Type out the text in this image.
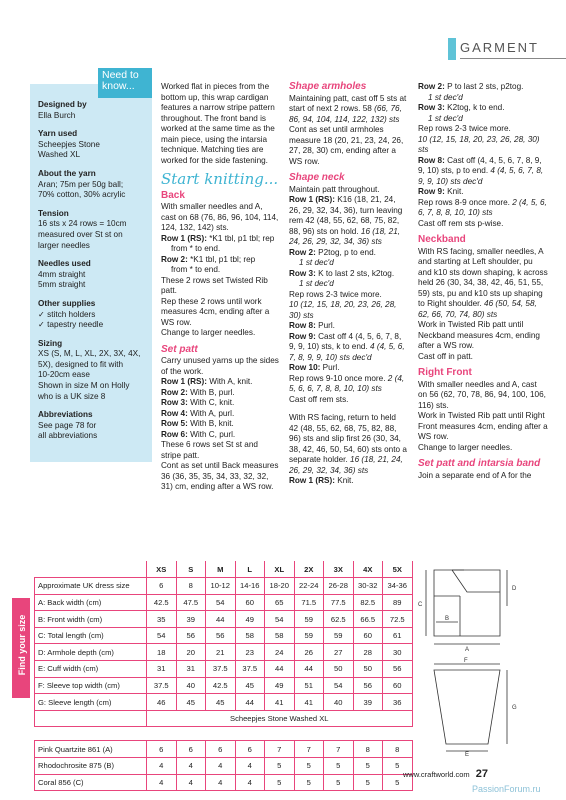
GARMENT
Designed by

Ella Burch

Yarn used

Scheepjes Stone
Washed XL

About the yarn

Aran; 75m per 50g ball;
70% cotton, 30% acrylic

Tension

16 sts x 24 rows = 10cm
measured over St st on
larger needles

Needles used

4mm straight
5mm straight

Other supplies

✓ stitch holders
✓ tapestry needle

Sizing

XS (S, M, L, XL, 2X, 3X, 4X,
5X), designed to fit with
10-20cm ease
Shown in size M on Holly
who is a UK size 8

Abbreviations

See page 78 for
all abbreviations

Need to know...	Worked flat in pieces from the bottom up, this wrap cardigan features a narrow stripe pattern throughout. The front band is worked at the same time as the main piece, using the intarsia technique. Matching ties are worked for the side fastening.
Start knitting...
Back
With smaller needles and A, cast on 68 (76, 86, 96, 104, 114, 124, 132, 142) sts.
Row 1 (RS): *K1 tbl, p1 tbl; rep
from * to end.
Row 2: *K1 tbl, p1 tbl; rep
from * to end.
These 2 rows set Twisted Rib patt.
Rep these 2 rows until work measures 4cm, ending after a WS row.
Change to larger needles.
Set patt
Carry unused yarns up the sides of the work.
Row 1 (RS): With A, knit.
Row 2: With B, purl.
Row 3: With C, knit.
Row 4: With A, purl.
Row 5: With B, knit.
Row 6: With C, purl.
These 6 rows set St st and stripe patt.
Cont as set until Back measures 36 (36, 35, 35, 34, 33, 32, 32, 31) cm, ending after a WS row.
Shape armholes
Maintaining patt, cast off 5 sts at start of next 2 rows. 58 (66, 76, 86, 94, 104, 114, 122, 132) sts
Cont as set until armholes measure 18 (20, 21, 23, 24, 26, 27, 28, 30) cm, ending after a WS row.
Shape neck
Maintain patt throughout.
Row 1 (RS): K16 (18, 21, 24, 26, 29, 32, 34, 36), turn leaving rem 42 (48, 55, 62, 68, 75, 82, 88, 96) sts on hold. 16 (18, 21, 24, 26, 29, 32, 34, 36) sts
Row 2: P2tog, p to end.
1 st dec'd
Row 3: K to last 2 sts, k2tog.
1 st dec'd
Rep rows 2-3 twice more.
10 (12, 15, 18, 20, 23, 26, 28, 30) sts
Row 8: Purl.
Row 9: Cast off 4 (4, 5, 6, 7, 8, 9, 9, 10) sts, k to end. 4 (4, 5, 6, 7, 8, 9, 9, 10) sts dec'd
Row 10: Purl.
Rep rows 9-10 once more. 2 (4, 5, 6, 6, 7, 8, 8, 10, 10) sts
Cast off rem sts.
With RS facing, return to held 42 (48, 55, 62, 68, 75, 82, 88, 96) sts and slip first 26 (30, 34, 38, 42, 46, 50, 54, 60) sts onto a separate holder. 16 (18, 21, 24, 26, 29, 32, 34, 36) sts
Row 1 (RS): Knit.
Row 2: P to last 2 sts, p2tog.
1 st dec'd
Row 3: K2tog, k to end.
1 st dec'd
Rep rows 2-3 twice more.
10 (12, 15, 18, 20, 23, 26, 28, 30) sts
Row 8: Cast off (4, 4, 5, 6, 7, 8, 9, 9, 10) sts, p to end. 4 (4, 5, 6, 7, 8, 9, 9, 10) sts dec'd
Row 9: Knit.
Rep rows 8-9 once more. 2 (4, 5, 6, 6, 7, 8, 8, 10, 10) sts
Cast off rem sts p-wise.
Neckband
With RS facing, smaller needles, A and starting at Left shoulder, pu and k10 sts down shaping, k across held 26 (30, 34, 38, 42, 46, 51, 55, 59) sts, pu and k10 sts up shaping to Right shoulder. 46 (50, 54, 58, 62, 66, 70, 74, 80) sts
Work in Twisted Rib patt until Neckband measures 4cm, ending after a WS row.
Cast off in patt.
Right Front
With smaller needles and A, cast on 56 (62, 70, 78, 86, 94, 100, 106, 116) sts.
Work in Twisted Rib patt until Right Front measures 4cm, ending after a WS row.
Change to larger needles.
Set patt and intarsia band
Join a separate end of A for the
Find your size
	XS	S	M	L	XL	2X	3X	4X	5X
Approximate UK dress size	6	8	10-12	14-16	18-20	22-24	26-28	30-32	34-36
A: Back width (cm)	42.5	47.5	54	60	65	71.5	77.5	82.5	89
B: Front width (cm)	35	39	44	49	54	59	62.5	66.5	72.5
C: Total length (cm)	54	56	56	58	58	59	59	60	61
D: Armhole depth (cm)	18	20	21	23	24	26	27	28	30
E: Cuff width (cm)	31	31	37.5	37.5	44	44	50	50	56
F: Sleeve top width (cm)	37.5	40	42.5	45	49	51	54	56	60
G: Sleeve length (cm)	46	45	45	44	41	41	40	39	36
	Scheepjes Stone Washed XL								

Pink Quartzite 861 (A)	6	6	6	6	7	7	7	8	8
Rhodochrosite 875 (B)	4	4	4	4	5	5	5	5	5
Coral 856 (C)	4	4	4	4	5	5	5	5	5
D
C
B
A
F
G
E
www.craftworld.com 27
PassionForum.ru
